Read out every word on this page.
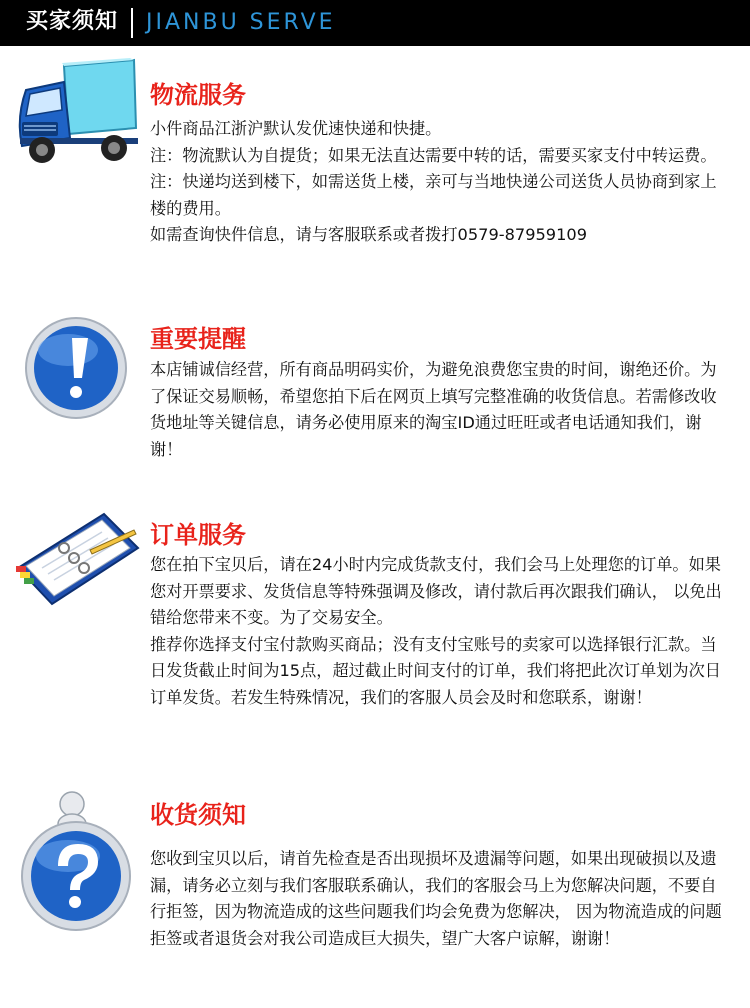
买家须知 JIANBU SERVE
物流服务

小件商品江浙沪默认发优速快递和快捷。

注：物流默认为自提货；如果无法直达需要中转的话，需要买家支付中转运费。

注：快递均送到楼下，如需送货上楼，亲可与当地快递公司送货人员协商到家上楼的费用。

如需查询快件信息，请与客服联系或者拨打0579-87959109

重要提醒

本店铺诚信经营，所有商品明码实价，为避免浪费您宝贵的时间，谢绝还价。为了保证交易顺畅，希望您拍下后在网页上填写完整准确的收货信息。若需修改收货地址等关键信息，请务必使用原来的淘宝ID通过旺旺或者电话通知我们，谢谢！

订单服务

您在拍下宝贝后，请在24小时内完成货款支付，我们会马上处理您的订单。如果您对开票要求、发货信息等特殊强调及修改，请付款后再次跟我们确认， 以免出错给您带来不变。为了交易安全。

推荐你选择支付宝付款购买商品；没有支付宝账号的卖家可以选择银行汇款。当日发货截止时间为15点，超过截止时间支付的订单，我们将把此次订单划为次日订单发货。若发生特殊情况，我们的客服人员会及时和您联系，谢谢！

收货须知

您收到宝贝以后，请首先检查是否出现损坏及遗漏等问题，如果出现破损以及遗漏，请务必立刻与我们客服联系确认，我们的客服会马上为您解决问题，不要自行拒签，因为物流造成的这些问题我们均会免费为您解决， 因为物流造成的问题拒签或者退货会对我公司造成巨大损失，望广大客户谅解，谢谢！
